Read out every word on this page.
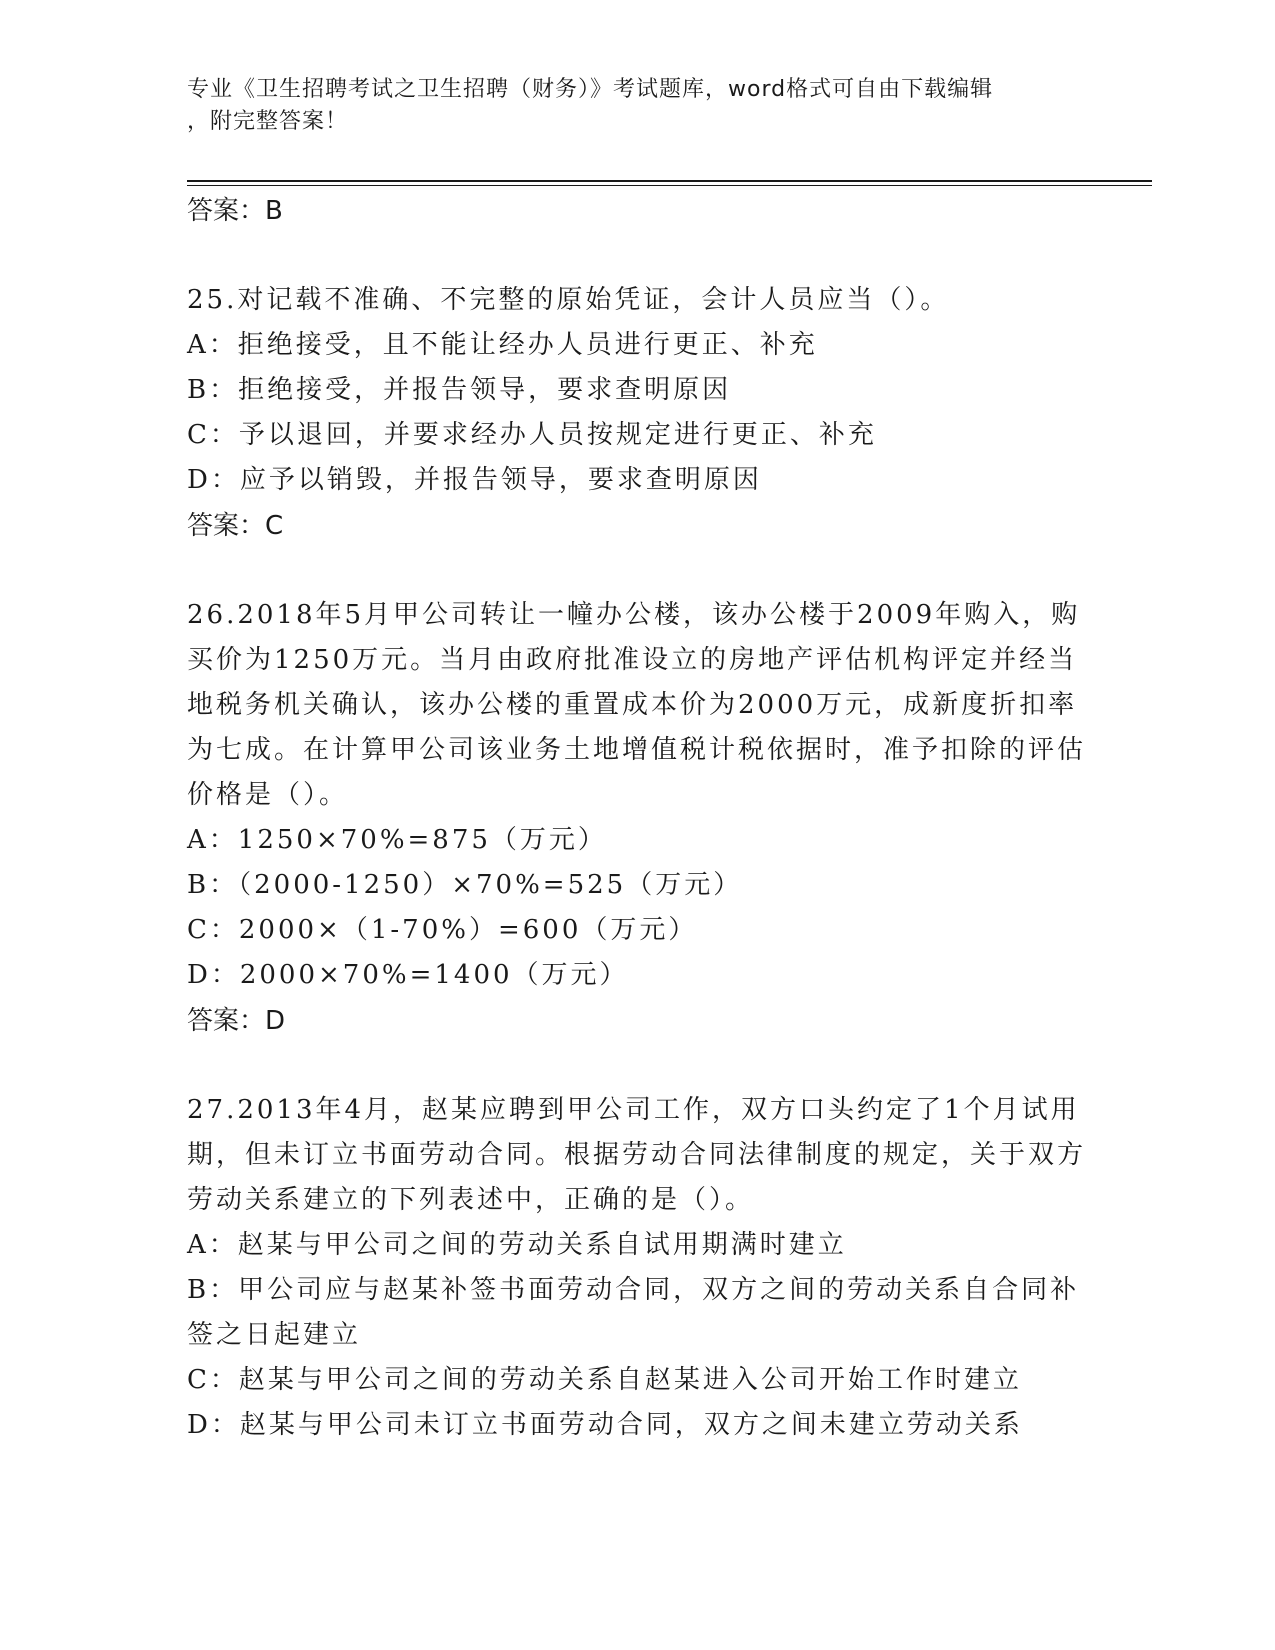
专业《卫生招聘考试之卫生招聘（财务）》考试题库，word格式可自由下载编辑
，附完整答案！
答案：B
25.对记载不准确、不完整的原始凭证，会计人员应当（）。
A：拒绝接受，且不能让经办人员进行更正、补充
B：拒绝接受，并报告领导，要求查明原因
C：予以退回，并要求经办人员按规定进行更正、补充
D：应予以销毁，并报告领导，要求查明原因
答案：C
26.2018年5月甲公司转让一幢办公楼，该办公楼于2009年购入，购买价为1250万元。当月由政府批准设立的房地产评估机构评定并经当地税务机关确认，该办公楼的重置成本价为2000万元，成新度折扣率为七成。在计算甲公司该业务土地增值税计税依据时，准予扣除的评估价格是（）。
A：1250×70%=875（万元）
B：（2000-1250）×70%=525（万元）
C：2000×（1-70%）=600（万元）
D：2000×70%=1400（万元）
答案：D
27.2013年4月，赵某应聘到甲公司工作，双方口头约定了1个月试用期，但未订立书面劳动合同。根据劳动合同法律制度的规定，关于双方劳动关系建立的下列表述中，正确的是（）。
A：赵某与甲公司之间的劳动关系自试用期满时建立
B：甲公司应与赵某补签书面劳动合同，双方之间的劳动关系自合同补签之日起建立
C：赵某与甲公司之间的劳动关系自赵某进入公司开始工作时建立
D：赵某与甲公司未订立书面劳动合同，双方之间未建立劳动关系
